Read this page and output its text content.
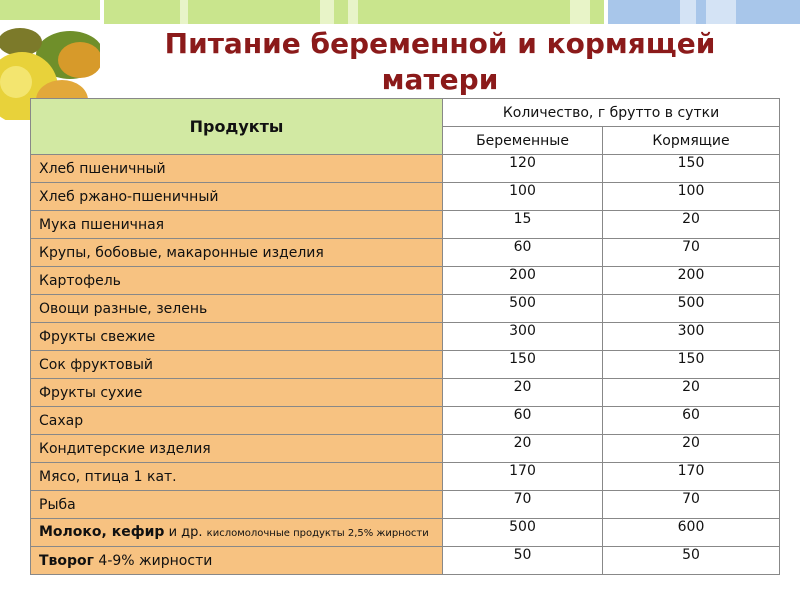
Питание беременной и кормящей
матери
Продукты	Количество, г брутто в сутки	
	Беременные	Кормящие
Хлеб пшеничный	120	150
Хлеб ржано-пшеничный	100	100
Мука пшеничная	15	20
Крупы, бобовые, макаронные изделия	60	70
Картофель	200	200
Овощи разные, зелень	500	500
Фрукты свежие	300	300
Сок фруктовый	150	150
Фрукты сухие	20	20
Сахар	60	60
Кондитерские изделия	20	20
Мясо, птица 1 кат.	170	170
Рыба	70	70
Молоко, кефир и др. кисломолочные продукты 2,5% жирности	500	600
Творог 4-9% жирности	50	50
